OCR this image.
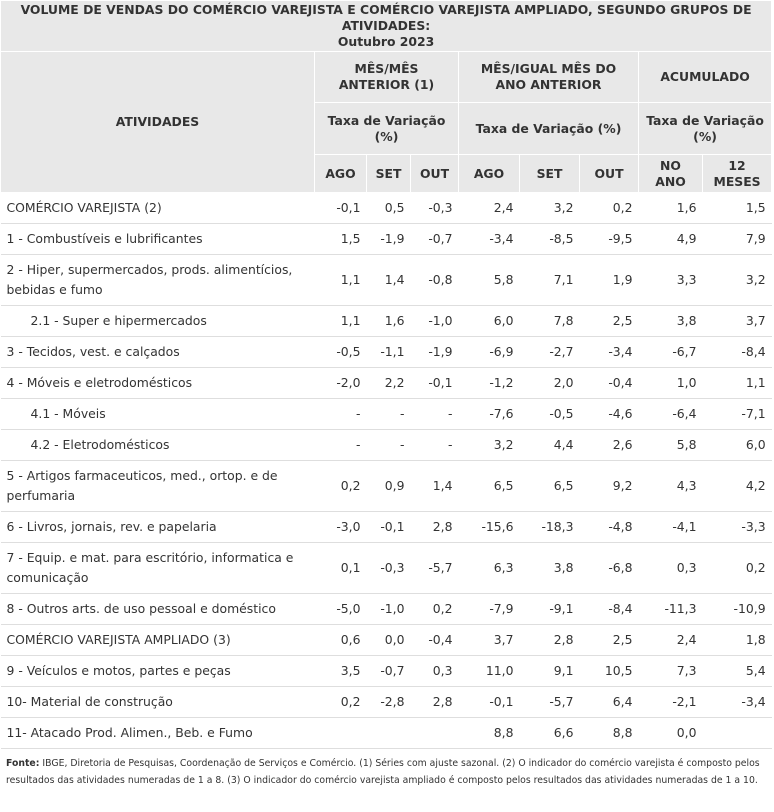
VOLUME DE VENDAS DO COMÉRCIO VAREJISTA E COMÉRCIO VAREJISTA AMPLIADO, SEGUNDO GRUPOS DE ATIVIDADES:
Outubro 2023								

ATIVIDADES	MÊS/MÊS ANTERIOR (1)			MÊS/IGUAL MÊS DO ANO ANTERIOR			ACUMULADO	
	Taxa de Variação (%)			Taxa de Variação (%)			Taxa de Variação (%)	
	AGO	SET	OUT	AGO	SET	OUT	NO ANO	12 MESES
COMÉRCIO VAREJISTA (2)	-0,1	0,5	-0,3	2,4	3,2	0,2	1,6	1,5
1 - Combustíveis e lubrificantes	1,5	-1,9	-0,7	-3,4	-8,5	-9,5	4,9	7,9
2 - Hiper, supermercados, prods. alimentícios, bebidas e fumo	1,1	1,4	-0,8	5,8	7,1	1,9	3,3	3,2
2.1 - Super e hipermercados	1,1	1,6	-1,0	6,0	7,8	2,5	3,8	3,7
3 - Tecidos, vest. e calçados	-0,5	-1,1	-1,9	-6,9	-2,7	-3,4	-6,7	-8,4
4 - Móveis e eletrodomésticos	-2,0	2,2	-0,1	-1,2	2,0	-0,4	1,0	1,1
4.1 - Móveis	-	-	-	-7,6	-0,5	-4,6	-6,4	-7,1
4.2 - Eletrodomésticos	-	-	-	3,2	4,4	2,6	5,8	6,0
5 - Artigos farmaceuticos, med., ortop. e de perfumaria	0,2	0,9	1,4	6,5	6,5	9,2	4,3	4,2
6 - Livros, jornais, rev. e papelaria	-3,0	-0,1	2,8	-15,6	-18,3	-4,8	-4,1	-3,3
7 - Equip. e mat. para escritório, informatica e comunicação	0,1	-0,3	-5,7	6,3	3,8	-6,8	0,3	0,2
8 - Outros arts. de uso pessoal e doméstico	-5,0	-1,0	0,2	-7,9	-9,1	-8,4	-11,3	-10,9
COMÉRCIO VAREJISTA AMPLIADO (3)	0,6	0,0	-0,4	3,7	2,8	2,5	2,4	1,8
9 - Veículos e motos, partes e peças	3,5	-0,7	0,3	11,0	9,1	10,5	7,3	5,4
10- Material de construção	0,2	-2,8	2,8	-0,1	-5,7	6,4	-2,1	-3,4
11- Atacado Prod. Alimen., Beb. e Fumo				8,8	6,6	8,8	0,0	
Fonte: IBGE, Diretoria de Pesquisas, Coordenação de Serviços e Comércio. (1) Séries com ajuste sazonal. (2) O indicador do comércio varejista é composto pelos resultados das atividades numeradas de 1 a 8. (3) O indicador do comércio varejista ampliado é composto pelos resultados das atividades numeradas de 1 a 10.
